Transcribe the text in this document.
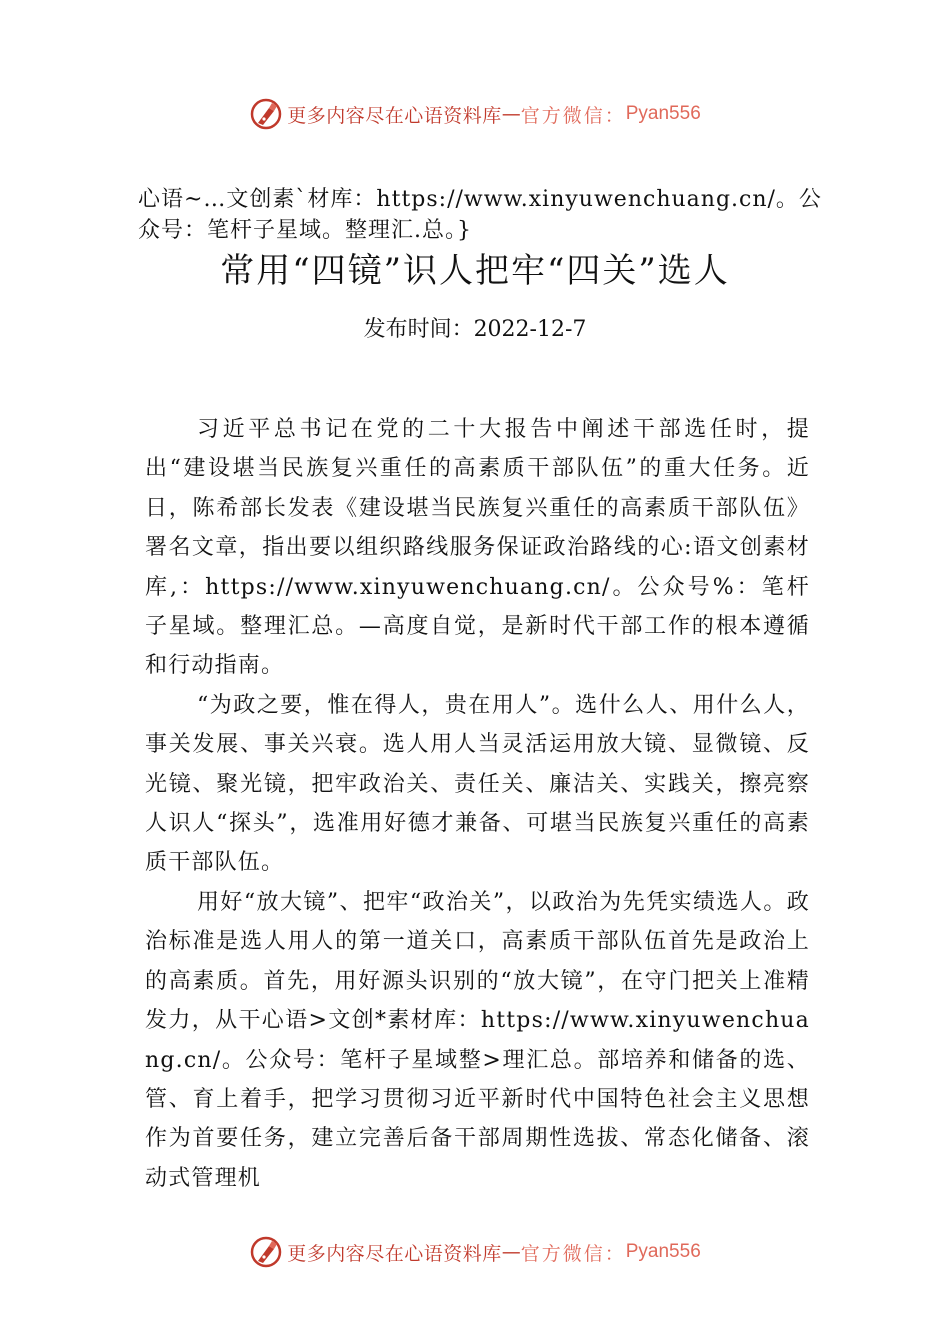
更多内容尽在心语资料库 — 官方微信： Pyan556
心语~…文创素`材库：https://www.xinyuwenchuang.cn/。公众号：笔杆子星域。整理汇.总。}
常用“四镜”识人把牢“四关”选人
发布时间：2022-12-7

习近平总书记在党的二十大报告中阐述干部选任时，提出“建设堪当民族复兴重任的高素质干部队伍”的重大任务。近日，陈希部长发表《建设堪当民族复兴重任的高素质干部队伍》署名文章，指出要以组织路线服务保证政治路线的心:语文创素材库,：https://www.xinyuwenchuang.cn/。公众号%：笔杆子星域。整理汇总。—高度自觉，是新时代干部工作的根本遵循和行动指南。

“为政之要，惟在得人，贵在用人”。选什么人、用什么人，事关发展、事关兴衰。选人用人当灵活运用放大镜、显微镜、反光镜、聚光镜，把牢政治关、责任关、廉洁关、实践关，擦亮察人识人“探头”，选准用好德才兼备、可堪当民族复兴重任的高素质干部队伍。

用好“放大镜”、把牢“政治关”，以政治为先凭实绩选人。政治标准是选人用人的第一道关口，高素质干部队伍首先是政治上的高素质。首先，用好源头识别的“放大镜”，在守门把关上准精发力，从干心语>文创*素材库：https://www.xinyuwenchuang.cn/。公众号：笔杆子星域整>理汇总。部培养和储备的选、管、育上着手，把学习贯彻习近平新时代中国特色社会主义思想作为首要任务，建立完善后备干部周期性选拔、常态化储备、滚动式管理机

更多内容尽在心语资料库 — 官方微信： Pyan556
